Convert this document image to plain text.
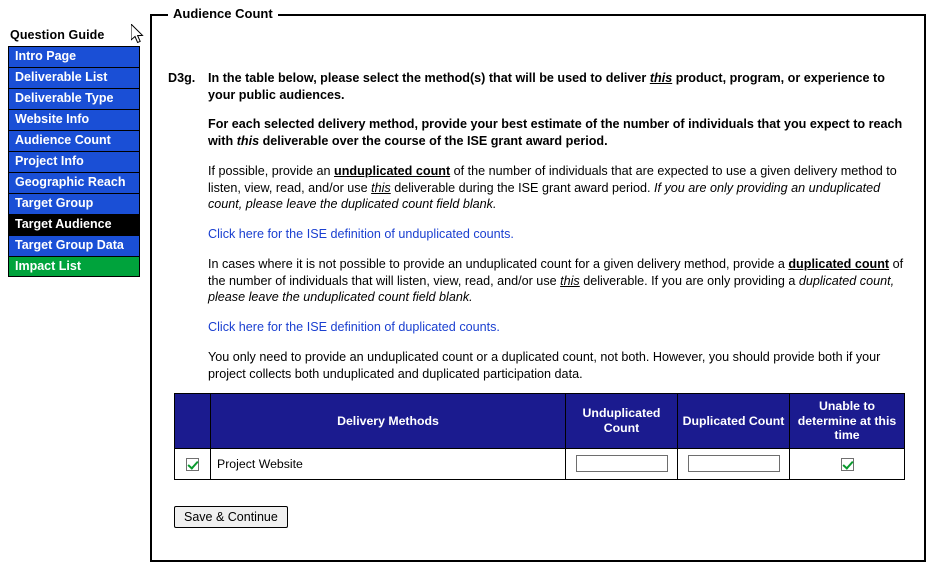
Question Guide
Intro Page
Deliverable List
Deliverable Type
Website Info
Audience Count
Project Info
Geographic Reach
Target Group
Target Audience
Target Group Data
Impact List
Audience Count
D3g.	In the table below, please select the method(s) that will be used to deliver this product, program, or experience to your public audiences.
For each selected delivery method, provide your best estimate of the number of individuals that you expect to reach with this deliverable over the course of the ISE grant award period.
If possible, provide an unduplicated count of the number of individuals that are expected to use a given delivery method to listen, view, read, and/or use this deliverable during the ISE grant award period. If you are only providing an unduplicated count, please leave the duplicated count field blank.
Click here for the ISE definition of unduplicated counts.
In cases where it is not possible to provide an unduplicated count for a given delivery method, provide a duplicated count of the number of individuals that will listen, view, read, and/or use this deliverable. If you are only providing a duplicated count, please leave the unduplicated count field blank.
Click here for the ISE definition of duplicated counts.
You only need to provide an unduplicated count or a duplicated count, not both. However, you should provide both if your project collects both unduplicated and duplicated participation data.
	Delivery Methods	Unduplicated Count	Duplicated Count	Unable to determine at this time
	Project Website			
Save & Continue
